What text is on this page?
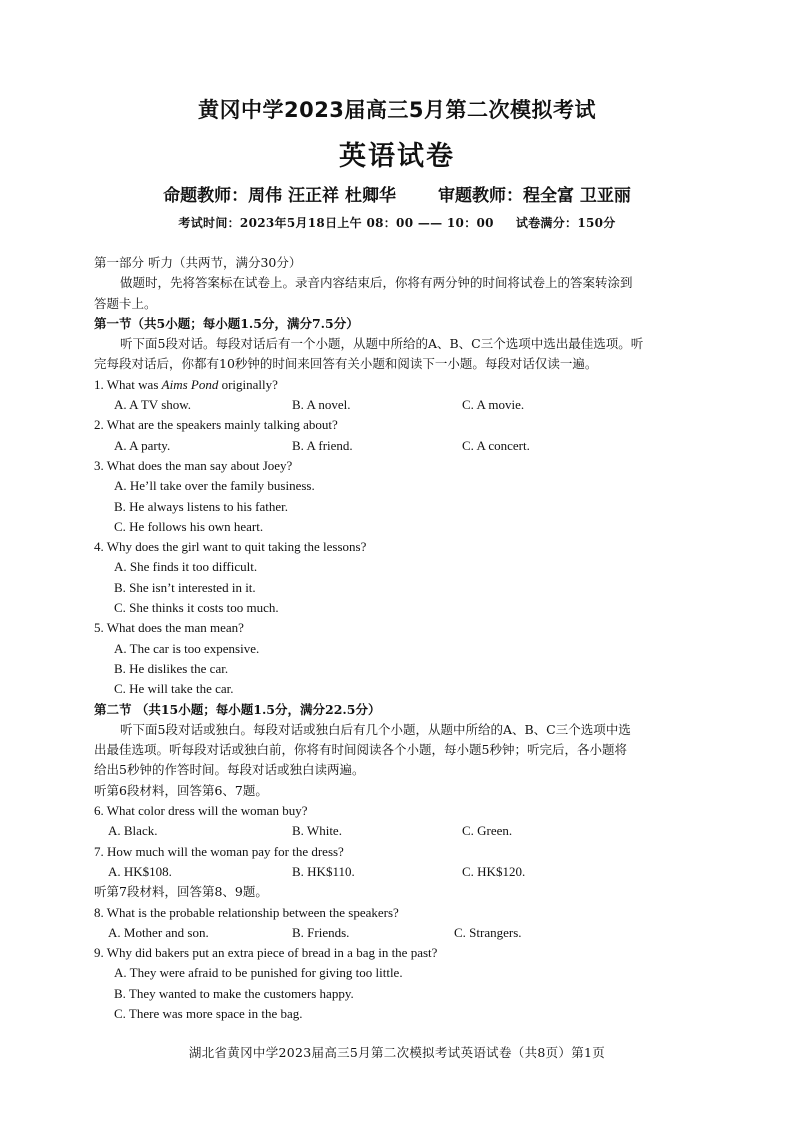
黄冈中学2023届高三5月第二次模拟考试
英语试卷
命题教师：周伟 汪正祥 杜卿华 审题教师：程全富 卫亚丽
考试时间：2023年5月18日上午 08：00 —— 10：00 试卷满分：150分
第一部分 听力（共两节，满分30分）
做题时，先将答案标在试卷上。录音内容结束后，你将有两分钟的时间将试卷上的答案转涂到
答题卡上。
第一节（共5小题；每小题1.5分，满分7.5分）
听下面5段对话。每段对话后有一个小题，从题中所给的A、B、C三个选项中选出最佳选项。听
完每段对话后，你都有10秒钟的时间来回答有关小题和阅读下一小题。每段对话仅读一遍。
1. What was Aims Pond originally?
A. A TV show.	B. A novel.	C. A movie.
2. What are the speakers mainly talking about?
A. A party.	B. A friend.	C. A concert.
3. What does the man say about Joey?
A. He’ll take over the family business.
B. He always listens to his father.
C. He follows his own heart.
4. Why does the girl want to quit taking the lessons?
A. She finds it too difficult.
B. She isn’t interested in it.
C. She thinks it costs too much.
5. What does the man mean?
A. The car is too expensive.
B. He dislikes the car.
C. He will take the car.
第二节 （共15小题；每小题1.5分，满分22.5分）
听下面5段对话或独白。每段对话或独白后有几个小题，从题中所给的A、B、C三个选项中选
出最佳选项。听每段对话或独白前，你将有时间阅读各个小题，每小题5秒钟；听完后，各小题将
给出5秒钟的作答时间。每段对话或独白读两遍。
听第6段材料，回答第6、7题。
6. What color dress will the woman buy?
A. Black.	B. White.	C. Green.
7. How much will the woman pay for the dress?
A. HK$108.	B. HK$110.	C. HK$120.
听第7段材料，回答第8、9题。
8. What is the probable relationship between the speakers?
A. Mother and son.	B. Friends.	C. Strangers.
9. Why did bakers put an extra piece of bread in a bag in the past?
A. They were afraid to be punished for giving too little.
B. They wanted to make the customers happy.
C. There was more space in the bag.
湖北省黄冈中学2023届高三5月第二次模拟考试英语试卷（共8页）第1页
